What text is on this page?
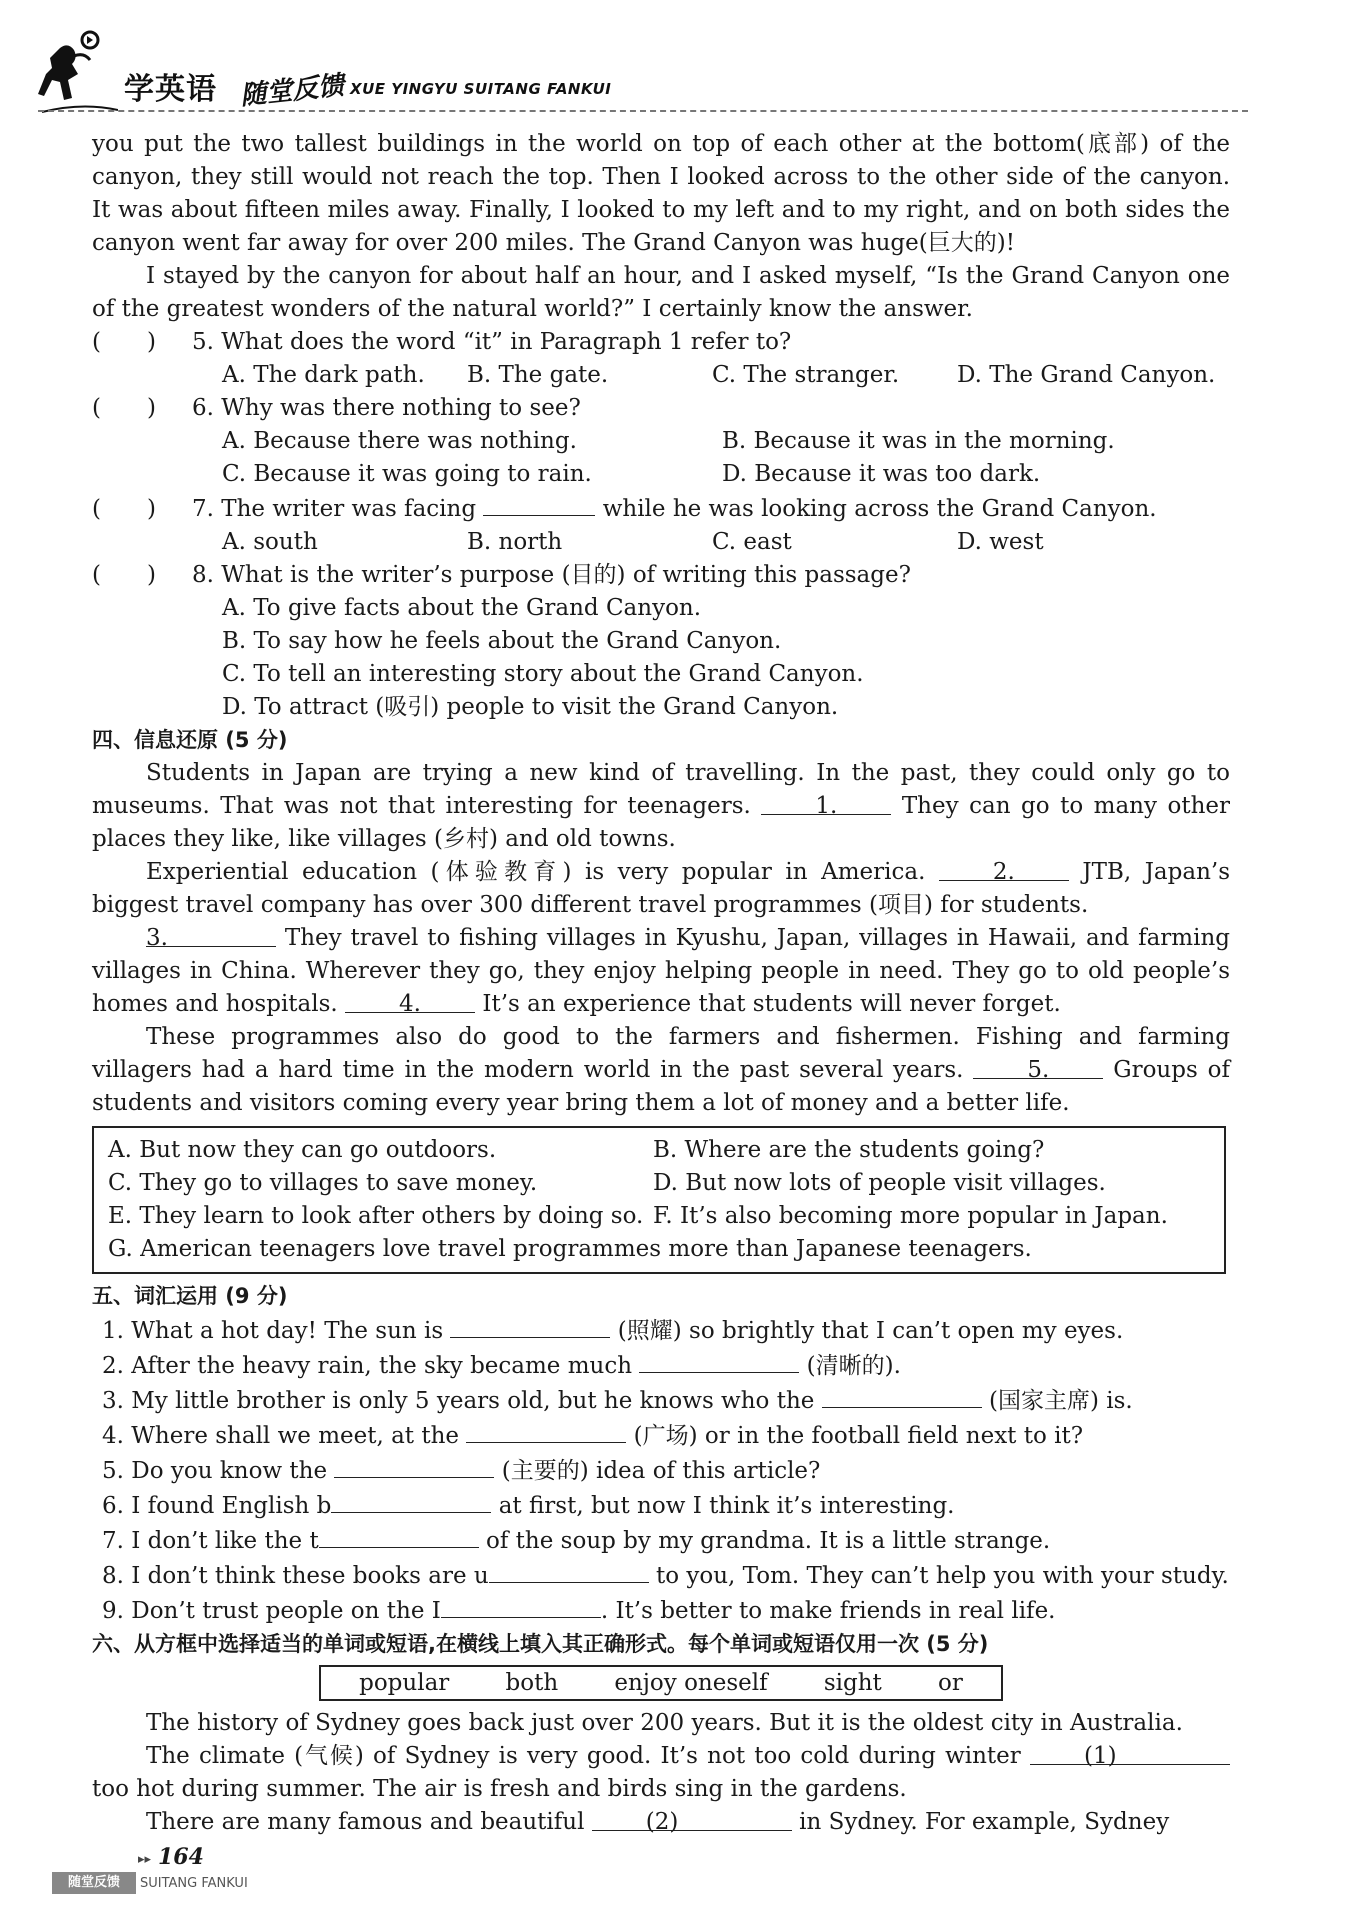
学英语 随堂反馈 XUE YINGYU SUITANG FANKUI

you put the two tallest buildings in the world on top of each other at the bottom(底部) of the canyon, they still would not reach the top. Then I looked across to the other side of the canyon. It was about fifteen miles away. Finally, I looked to my left and to my right, and on both sides the canyon went far away for over 200 miles. The Grand Canyon was huge(巨大的)!

I stayed by the canyon for about half an hour, and I asked myself, “Is the Grand Canyon one of the greatest wonders of the natural world?” I certainly know the answer.

(　　) 5. What does the word “it” in Paragraph 1 refer to?

A. The dark path.	B. The gate.	C. The stranger.	D. The Grand Canyon.

(　　) 6. Why was there nothing to see?

A. Because there was nothing.	B. Because it was in the morning.
C. Because it was going to rain.	D. Because it was too dark.

(　　) 7. The writer was facing	while he was looking across the Grand Canyon.

A. south	B. north	C. east	D. west

(　　) 8. What is the writer’s purpose (目的) of writing this passage?

A. To give facts about the Grand Canyon.
B. To say how he feels about the Grand Canyon.
C. To tell an interesting story about the Grand Canyon.
D. To attract (吸引) people to visit the Grand Canyon.

四、信息还原 (5 分)

Students in Japan are trying a new kind of travelling. In the past, they could only go to museums. That was not that interesting for teenagers.	1.	They can go to many other places they like, like villages (乡村) and old towns.

Experiential education (体验教育) is very popular in America.	2.	JTB, Japan’s biggest travel company has over 300 different travel programmes (项目) for students.

3.	They travel to fishing villages in Kyushu, Japan, villages in Hawaii, and farming villages in China. Wherever they go, they enjoy helping people in need. They go to old people’s homes and hospitals.	4.	It’s an experience that students will never forget.

These programmes also do good to the farmers and fishermen. Fishing and farming villagers had a hard time in the modern world in the past several years.	5.	Groups of students and visitors coming every year bring them a lot of money and a better life.

A. But now they can go outdoors.	B. Where are the students going?
C. They go to villages to save money.	D. But now lots of people visit villages.
E. They learn to look after others by doing so. F. It’s also becoming more popular in Japan.
G. American teenagers love travel programmes more than Japanese teenagers.

五、词汇运用 (9 分)

1. What a hot day! The sun is	(照耀) so brightly that I can’t open my eyes.
2. After the heavy rain, the sky became much	(清晰的).
3. My little brother is only 5 years old, but he knows who the	(国家主席) is.
4. Where shall we meet, at the	(广场) or in the football field next to it?
5. Do you know the	(主要的) idea of this article?
6. I found English b	at first, but now I think it’s interesting.
7. I don’t like the t	of the soup by my grandma. It is a little strange.
8. I don’t think these books are u	to you, Tom. They can’t help you with your study.
9. Don’t trust people on the I	. It’s better to make friends in real life.

六、从方框中选择适当的单词或短语,在横线上填入其正确形式。每个单词或短语仅用一次 (5 分)

popular both enjoy oneself sight or

The history of Sydney goes back just over 200 years. But it is the oldest city in Australia.

The climate (气候) of Sydney is very good. It’s not too cold during winter	(1) too hot during summer. The air is fresh and birds sing in the gardens.

There are many famous and beautiful	(2)	in Sydney. For example, Sydney

▸▸ 164
随堂反馈	SUITANG FANKUI
